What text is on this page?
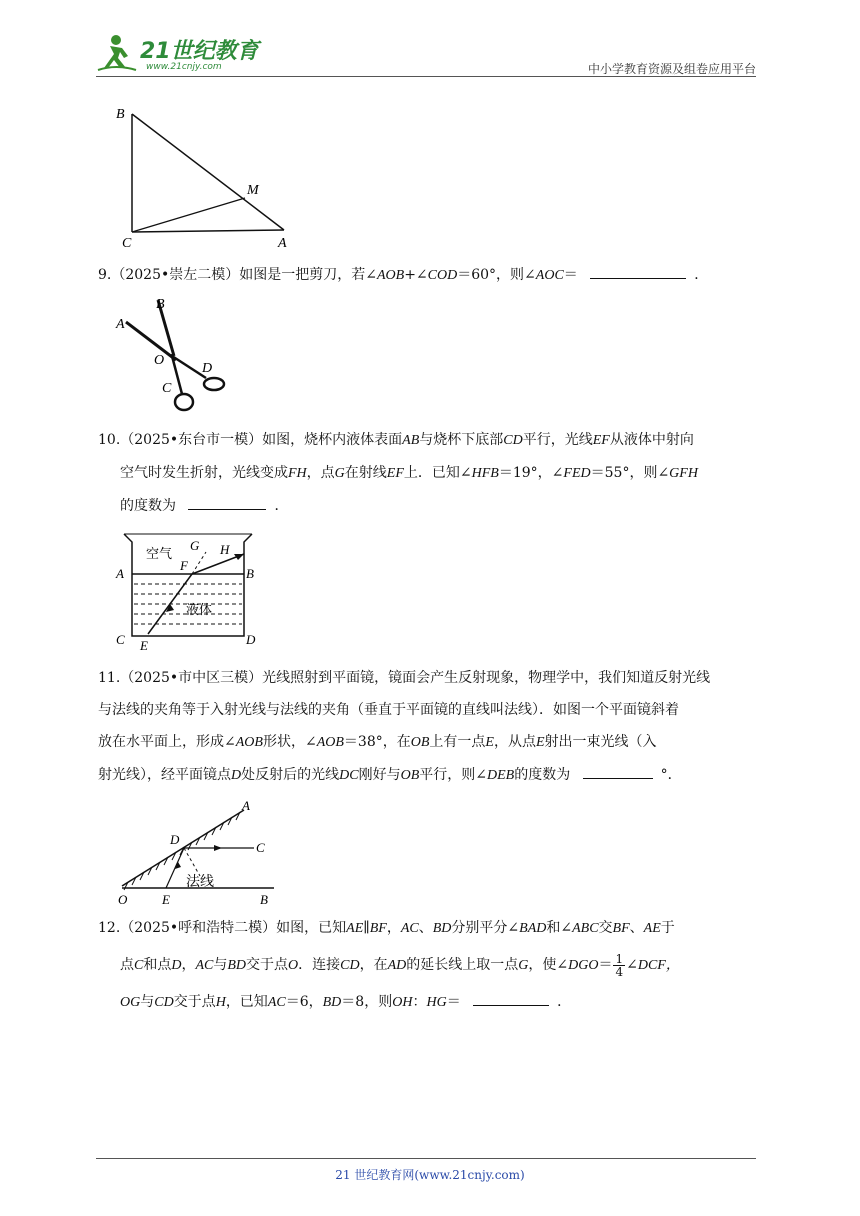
21世纪教育
www.21cnjy.com	中小学教育资源及组卷应用平台
B
M
C	A
9.（2025•崇左二模）如图是一把剪刀，若∠AOB+∠COD＝60°，则∠AOC＝	．
A
B
O
D
C
10.（2025•东台市一模）如图，烧杯内液体表面AB与烧杯下底部CD平行，光线EF从液体中射向
空气时发生折射，光线变成FH，点G在射线EF上．已知∠HFB＝19°，∠FED＝55°，则∠GFH
的度数为	．
空气
液体
G H
F
A	B
C	D
E
11.（2025•市中区三模）光线照射到平面镜，镜面会产生反射现象，物理学中，我们知道反射光线
与法线的夹角等于入射光线与法线的夹角（垂直于平面镜的直线叫法线）．如图一个平面镜斜着
放在水平面上，形成∠AOB形状，∠AOB＝38°，在OB上有一点E，从点E射出一束光线（入
射光线），经平面镜点D处反射后的光线DC刚好与OB平行，则∠DEB的度数为	°．
A
D
C
法线
O	E	B
12.（2025•呼和浩特二模）如图，已知AE∥BF，AC、BD分别平分∠BAD和∠ABC交BF、AE于
点C和点D，AC与BD交于点O．连接CD，在AD的延长线上取一点G，使∠DGO＝ $\frac{1}{4}$ ∠DCF，
OG与CD交于点H，已知AC＝6，BD＝8，则OH：HG＝	．
21 世纪教育网(www.21cnjy.com)
